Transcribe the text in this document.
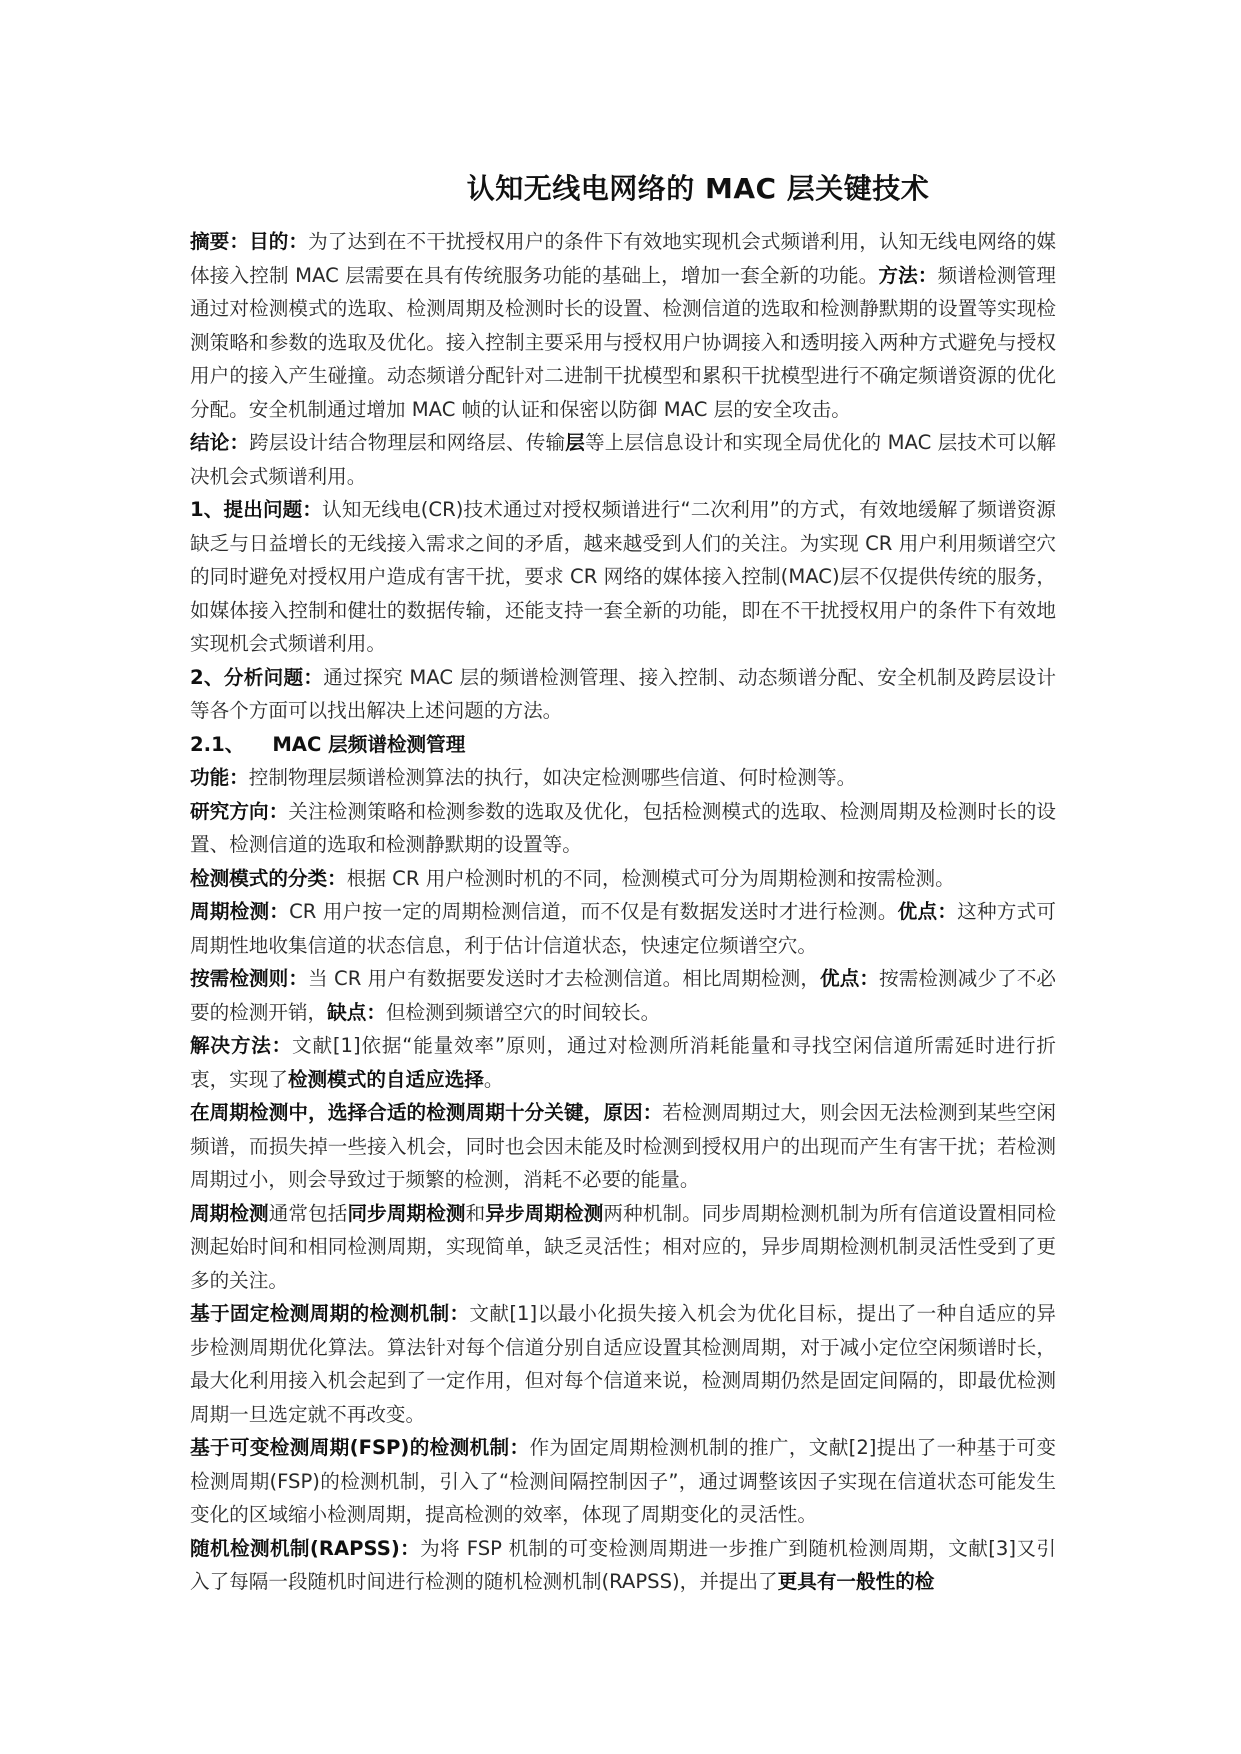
认知无线电网络的 MAC 层关键技术

摘要：目的：为了达到在不干扰授权用户的条件下有效地实现机会式频谱利用，认知无线电网络的媒体接入控制 MAC 层需要在具有传统服务功能的基础上，增加一套全新的功能。方法：频谱检测管理通过对检测模式的选取、检测周期及检测时长的设置、检测信道的选取和检测静默期的设置等实现检测策略和参数的选取及优化。接入控制主要采用与授权用户协调接入和透明接入两种方式避免与授权用户的接入产生碰撞。动态频谱分配针对二进制干扰模型和累积干扰模型进行不确定频谱资源的优化分配。安全机制通过增加 MAC 帧的认证和保密以防御 MAC 层的安全攻击。

结论：跨层设计结合物理层和网络层、传输层等上层信息设计和实现全局优化的 MAC 层技术可以解决机会式频谱利用。

1、提出问题：认知无线电(CR)技术通过对授权频谱进行“二次利用”的方式，有效地缓解了频谱资源缺乏与日益增长的无线接入需求之间的矛盾，越来越受到人们的关注。为实现 CR 用户利用频谱空穴的同时避免对授权用户造成有害干扰，要求 CR 网络的媒体接入控制(MAC)层不仅提供传统的服务，如媒体接入控制和健壮的数据传输，还能支持一套全新的功能，即在不干扰授权用户的条件下有效地实现机会式频谱利用。

2、分析问题：通过探究 MAC 层的频谱检测管理、接入控制、动态频谱分配、安全机制及跨层设计等各个方面可以找出解决上述问题的方法。

2.1、 MAC 层频谱检测管理

功能：控制物理层频谱检测算法的执行，如决定检测哪些信道、何时检测等。

研究方向：关注检测策略和检测参数的选取及优化，包括检测模式的选取、检测周期及检测时长的设置、检测信道的选取和检测静默期的设置等。

检测模式的分类：根据 CR 用户检测时机的不同，检测模式可分为周期检测和按需检测。

周期检测：CR 用户按一定的周期检测信道，而不仅是有数据发送时才进行检测。优点：这种方式可周期性地收集信道的状态信息，利于估计信道状态，快速定位频谱空穴。

按需检测则：当 CR 用户有数据要发送时才去检测信道。相比周期检测，优点：按需检测减少了不必要的检测开销，缺点：但检测到频谱空穴的时间较长。

解决方法：文献[1]依据“能量效率”原则，通过对检测所消耗能量和寻找空闲信道所需延时进行折衷，实现了检测模式的自适应选择。

在周期检测中，选择合适的检测周期十分关键，原因：若检测周期过大，则会因无法检测到某些空闲频谱，而损失掉一些接入机会，同时也会因未能及时检测到授权用户的出现而产生有害干扰；若检测周期过小，则会导致过于频繁的检测，消耗不必要的能量。

周期检测通常包括同步周期检测和异步周期检测两种机制。同步周期检测机制为所有信道设置相同检测起始时间和相同检测周期，实现简单，缺乏灵活性；相对应的，异步周期检测机制灵活性受到了更多的关注。

基于固定检测周期的检测机制：文献[1]以最小化损失接入机会为优化目标，提出了一种自适应的异步检测周期优化算法。算法针对每个信道分别自适应设置其检测周期，对于减小定位空闲频谱时长，最大化利用接入机会起到了一定作用，但对每个信道来说，检测周期仍然是固定间隔的，即最优检测周期一旦选定就不再改变。

基于可变检测周期(FSP)的检测机制：作为固定周期检测机制的推广，文献[2]提出了一种基于可变检测周期(FSP)的检测机制，引入了“检测间隔控制因子”，通过调整该因子实现在信道状态可能发生变化的区域缩小检测周期，提高检测的效率，体现了周期变化的灵活性。

随机检测机制(RAPSS)：为将 FSP 机制的可变检测周期进一步推广到随机检测周期，文献[3]又引入了每隔一段随机时间进行检测的随机检测机制(RAPSS)，并提出了更具有一般性的检
